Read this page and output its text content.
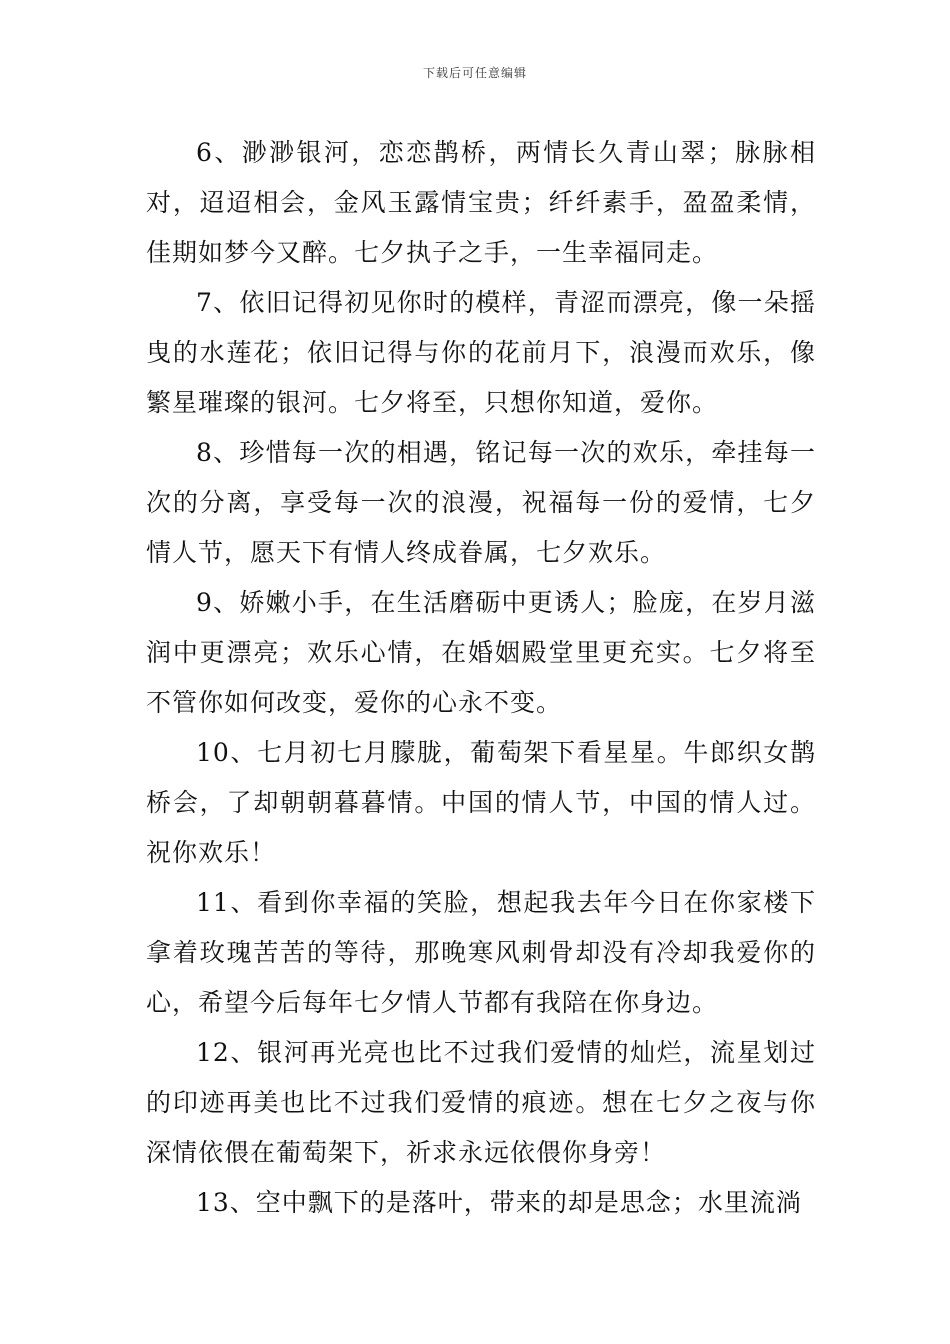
下载后可任意编辑

6、渺渺银河，恋恋鹊桥，两情长久青山翠；脉脉相对，迢迢相会，金风玉露情宝贵；纤纤素手，盈盈柔情，佳期如梦今又醉。七夕执子之手，一生幸福同走。

7、依旧记得初见你时的模样，青涩而漂亮，像一朵摇曳的水莲花；依旧记得与你的花前月下，浪漫而欢乐，像繁星璀璨的银河。七夕将至，只想你知道，爱你。

8、珍惜每一次的相遇，铭记每一次的欢乐，牵挂每一次的分离，享受每一次的浪漫，祝福每一份的爱情，七夕情人节，愿天下有情人终成眷属，七夕欢乐。

9、娇嫩小手，在生活磨砺中更诱人；脸庞，在岁月滋润中更漂亮；欢乐心情，在婚姻殿堂里更充实。七夕将至不管你如何改变，爱你的心永不变。

10、七月初七月朦胧，葡萄架下看星星。牛郎织女鹊桥会，了却朝朝暮暮情。中国的情人节，中国的情人过。祝你欢乐！

11、看到你幸福的笑脸，想起我去年今日在你家楼下拿着玫瑰苦苦的等待，那晚寒风刺骨却没有冷却我爱你的心，希望今后每年七夕情人节都有我陪在你身边。

12、银河再光亮也比不过我们爱情的灿烂，流星划过的印迹再美也比不过我们爱情的痕迹。想在七夕之夜与你深情依偎在葡萄架下，祈求永远依偎你身旁！

13、空中飘下的是落叶，带来的却是思念；水里流淌
